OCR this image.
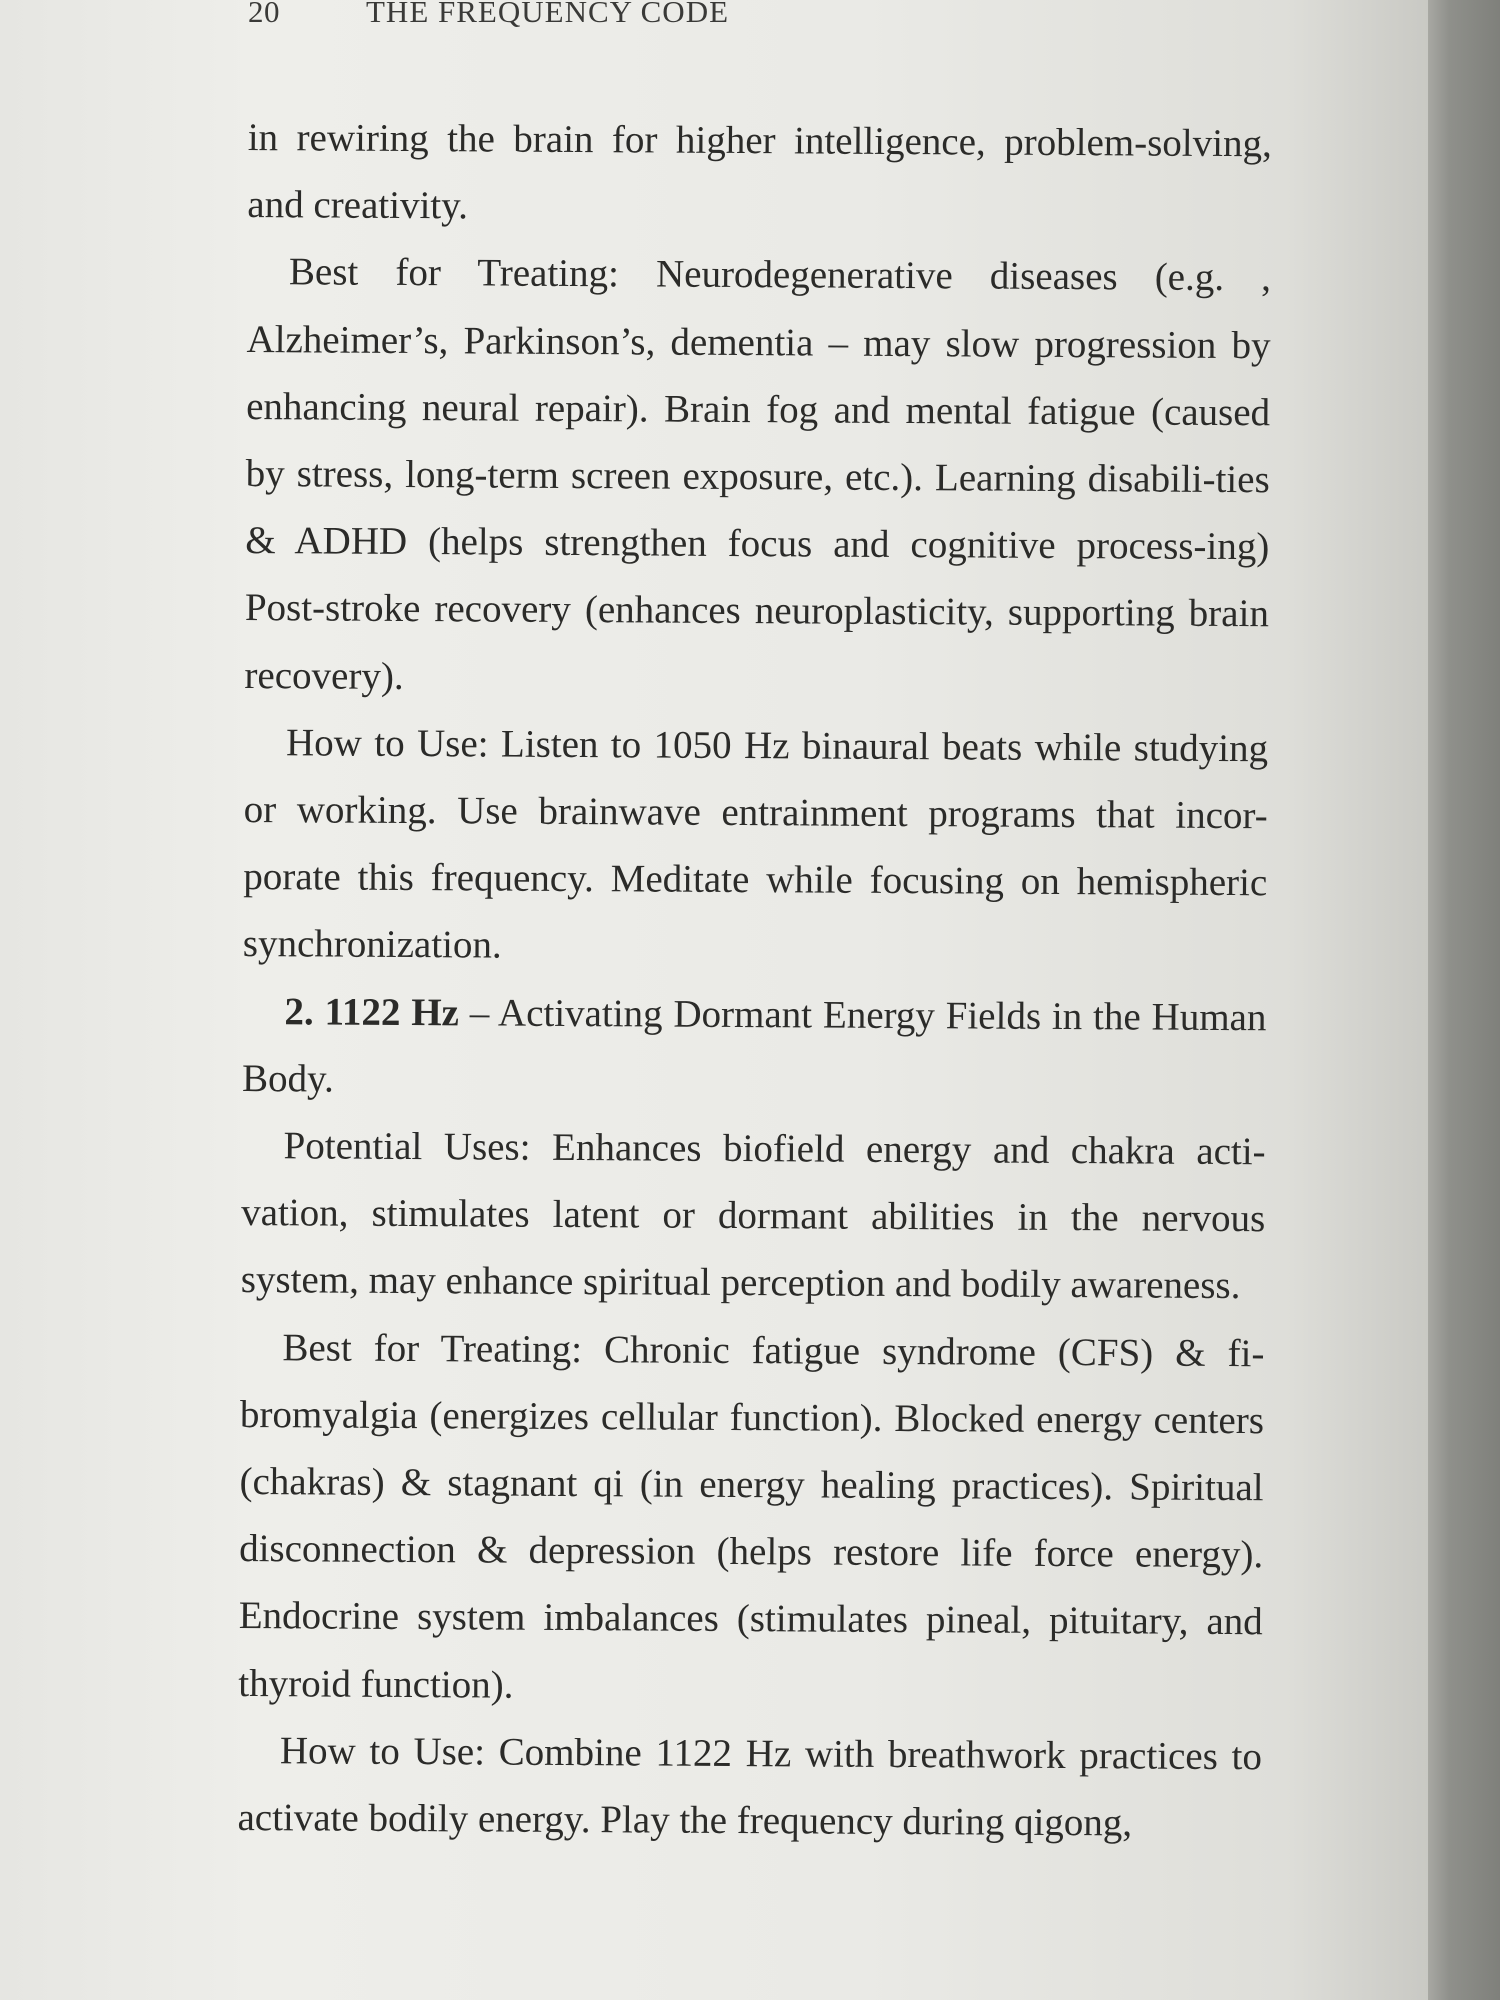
20	THE FREQUENCY CODE

in rewiring the brain for higher intelligence, problem-solving, and creativity.

Best for Treating: Neurodegenerative diseases (e.g. , Alzheimer’s, Parkinson’s, dementia – may slow progression by enhancing neural repair). Brain fog and mental fatigue (caused by stress, long-term screen exposure, etc.). Learning disabili-ties & ADHD (helps strengthen focus and cognitive process-ing) Post-stroke recovery (enhances neuroplasticity, supporting brain recovery).

How to Use: Listen to 1050 Hz binaural beats while studying or working. Use brainwave entrainment programs that incor-porate this frequency. Meditate while focusing on hemispheric synchronization.

2. 1122 Hz – Activating Dormant Energy Fields in the Human Body.

Potential Uses: Enhances biofield energy and chakra acti-vation, stimulates latent or dormant abilities in the nervous system, may enhance spiritual perception and bodily awareness.

Best for Treating: Chronic fatigue syndrome (CFS) & fi-bromyalgia (energizes cellular function). Blocked energy centers (chakras) & stagnant qi (in energy healing practices). Spiritual disconnection & depression (helps restore life force energy). Endocrine system imbalances (stimulates pineal, pituitary, and thyroid function).

How to Use: Combine 1122 Hz with breathwork practices to activate bodily energy. Play the frequency during qigong,
